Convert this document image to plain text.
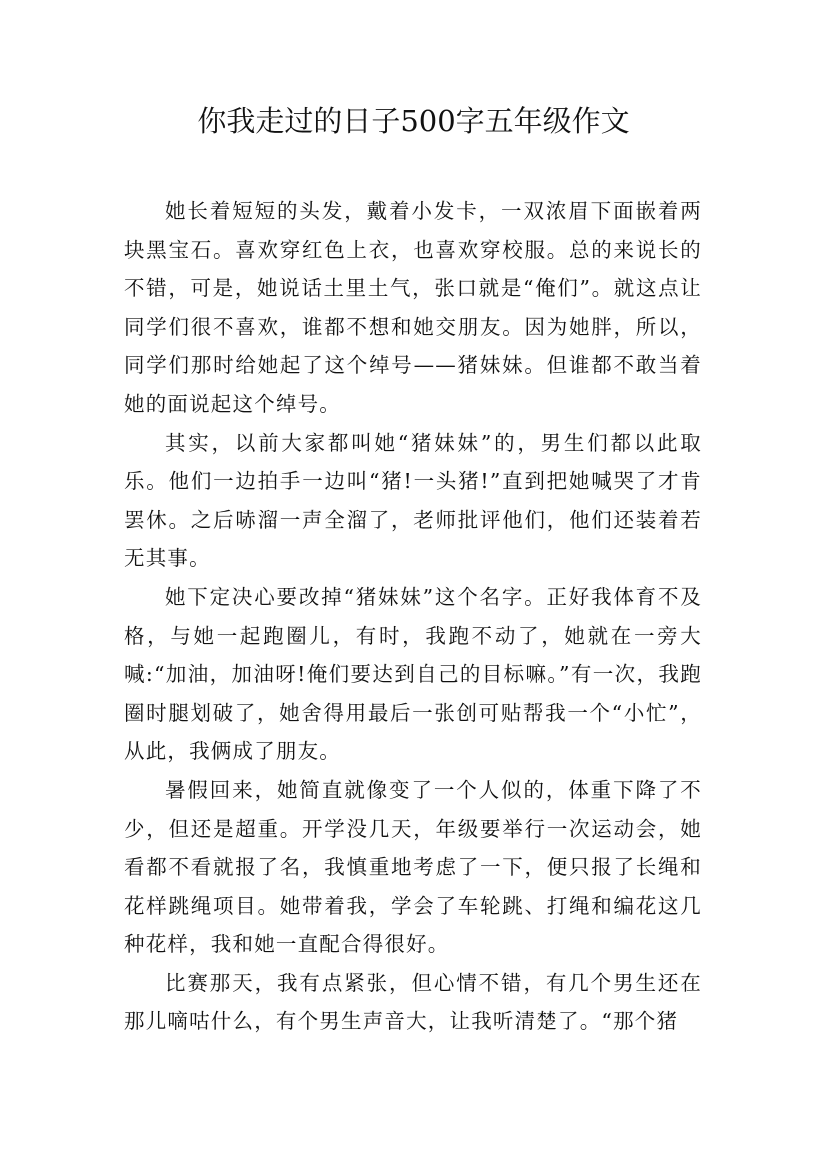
你我走过的日子500字五年级作文

她长着短短的头发，戴着小发卡，一双浓眉下面嵌着两块黑宝石。喜欢穿红色上衣，也喜欢穿校服。总的来说长的不错，可是，她说话土里土气，张口就是“俺们”。就这点让同学们很不喜欢，谁都不想和她交朋友。因为她胖，所以，同学们那时给她起了这个绰号——猪妹妹。但谁都不敢当着她的面说起这个绰号。

其实，以前大家都叫她“猪妹妹”的，男生们都以此取乐。他们一边拍手一边叫“猪!一头猪!”直到把她喊哭了才肯罢休。之后哧溜一声全溜了，老师批评他们，他们还装着若无其事。

她下定决心要改掉“猪妹妹”这个名字。正好我体育不及格，与她一起跑圈儿，有时，我跑不动了，她就在一旁大喊:“加油，加油呀!俺们要达到自己的目标嘛。”有一次，我跑圈时腿划破了，她舍得用最后一张创可贴帮我一个“小忙”，从此，我俩成了朋友。

暑假回来，她简直就像变了一个人似的，体重下降了不少，但还是超重。开学没几天，年级要举行一次运动会，她看都不看就报了名，我慎重地考虑了一下，便只报了长绳和花样跳绳项目。她带着我，学会了车轮跳、打绳和编花这几种花样，我和她一直配合得很好。

比赛那天，我有点紧张，但心情不错，有几个男生还在那儿嘀咕什么，有个男生声音大，让我听清楚了。“那个猪
